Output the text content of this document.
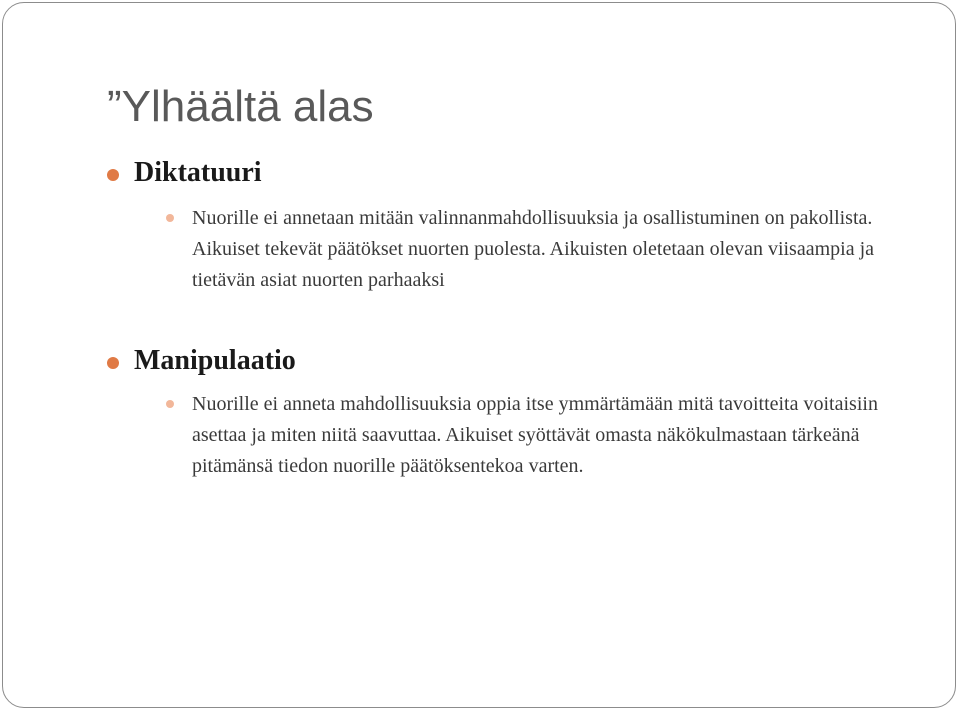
”Ylhäältä alas
Diktatuuri
Nuorille ei annetaan mitään valinnanmahdollisuuksia ja osallistuminen on pakollista. Aikuiset tekevät päätökset nuorten puolesta. Aikuisten oletetaan olevan viisaampia ja tietävän asiat nuorten parhaaksi
Manipulaatio
Nuorille ei anneta mahdollisuuksia oppia itse ymmärtämään mitä tavoitteita voitaisiin asettaa ja miten niitä saavuttaa. Aikuiset syöttävät omasta näkökulmastaan tärkeänä pitämänsä tiedon nuorille päätöksentekoa varten.
